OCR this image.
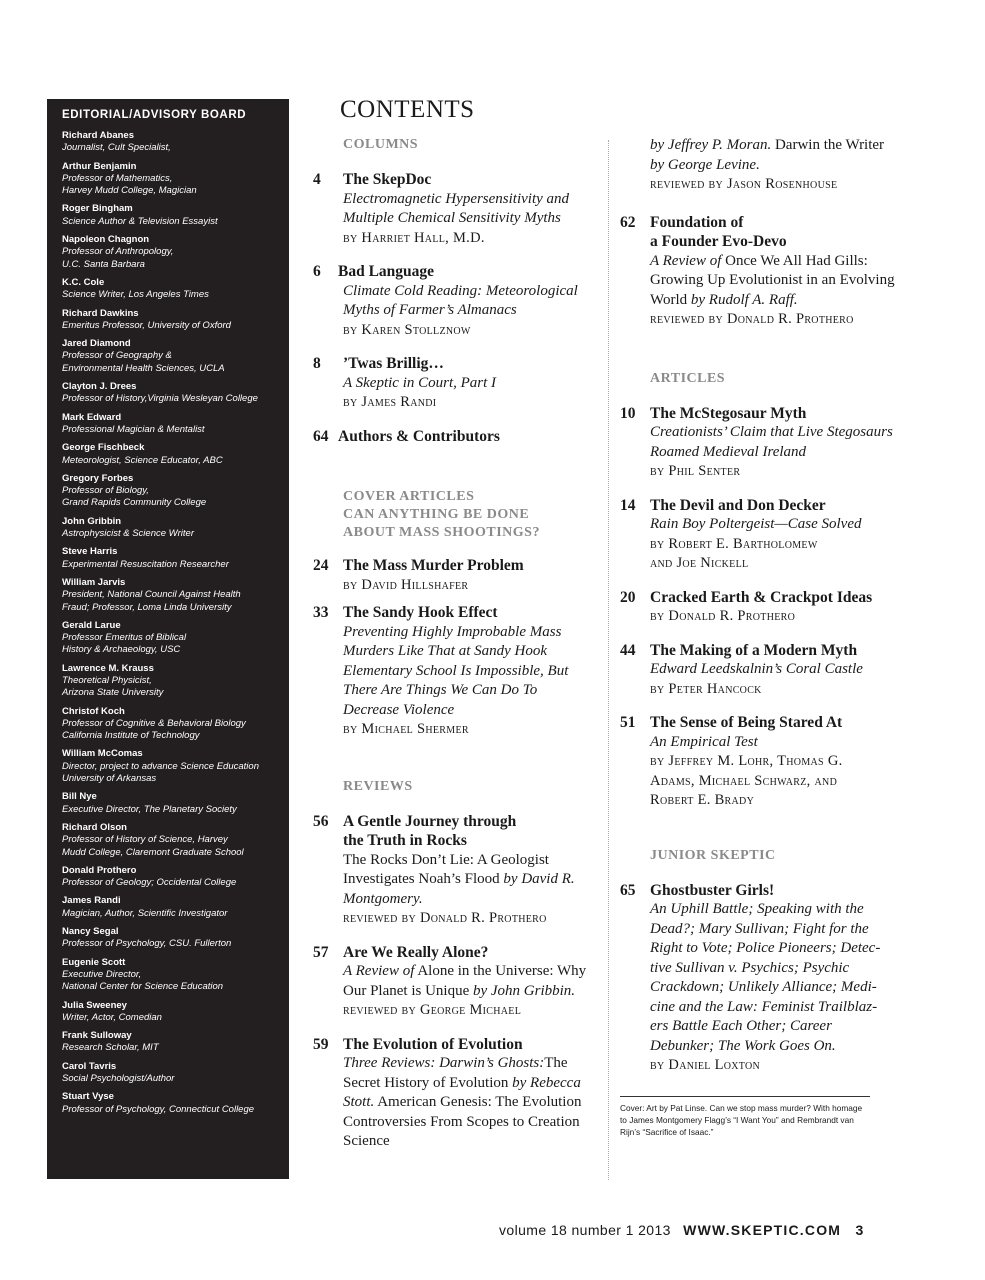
EDITORIAL/ADVISORY BOARD
Richard Abanes
Journalist, Cult Specialist,
Arthur Benjamin
Professor of Mathematics,
Harvey Mudd College, Magician
Roger Bingham
Science Author & Television Essayist
Napoleon Chagnon
Professor of Anthropology,
U.C. Santa Barbara
K.C. Cole
Science Writer, Los Angeles Times
Richard Dawkins
Emeritus Professor, University of Oxford
Jared Diamond
Professor of Geography &
Environmental Health Sciences, UCLA
Clayton J. Drees
Professor of History,Virginia Wesleyan College
Mark Edward
Professional Magician & Mentalist
George Fischbeck
Meteorologist, Science Educator, ABC
Gregory Forbes
Professor of Biology,
Grand Rapids Community College
John Gribbin
Astrophysicist & Science Writer
Steve Harris
Experimental Resuscitation Researcher
William Jarvis
President, National Council Against Health
Fraud; Professor, Loma Linda University
Gerald Larue
Professor Emeritus of Biblical
History & Archaeology, USC
Lawrence M. Krauss
Theoretical Physicist,
Arizona State University
Christof Koch
Professor of Cognitive & Behavioral Biology
California Institute of Technology
William McComas
Director, project to advance Science Education
University of Arkansas
Bill Nye
Executive Director, The Planetary Society
Richard Olson
Professor of History of Science, Harvey
Mudd College, Claremont Graduate School
Donald Prothero
Professor of Geology; Occidental College
James Randi
Magician, Author, Scientific Investigator
Nancy Segal
Professor of Psychology, CSU. Fullerton
Eugenie Scott
Executive Director,
National Center for Science Education
Julia Sweeney
Writer, Actor, Comedian
Frank Sulloway
Research Scholar, MIT
Carol Tavris
Social Psychologist/Author
Stuart Vyse
Professor of Psychology, Connecticut College
CONTENTS
COLUMNS
4 The SkepDoc
Electromagnetic Hypersensitivity and Multiple Chemical Sensitivity Myths
by Harriet Hall, M.D.
6 Bad Language
Climate Cold Reading: Meteorological Myths of Farmer’s Almanacs
by Karen Stollznow
8 ’Twas Brillig…
A Skeptic in Court, Part I
by James Randi
64 Authors & Contributors
COVER ARTICLES
CAN ANYTHING BE DONE
ABOUT MASS SHOOTINGS?
24 The Mass Murder Problem
by David Hillshafer
33 The Sandy Hook Effect
Preventing Highly Improbable Mass Murders Like That at Sandy Hook Elementary School Is Impossible, But There Are Things We Can Do To Decrease Violence
by Michael Shermer
REVIEWS
56 A Gentle Journey through
the Truth in Rocks
The Rocks Don’t Lie: A Geologist Investigates Noah’s Flood by David R. Montgomery.
reviewed by Donald R. Prothero
57 Are We Really Alone?
A Review of Alone in the Universe: Why Our Planet is Unique by John Gribbin.
reviewed by George Michael
59 The Evolution of Evolution
Three Reviews: Darwin’s Ghosts:The Secret History of Evolution by Rebecca Stott. American Genesis: The Evolution Controversies From Scopes to Creation Science
by Jeffrey P. Moran. Darwin the Writer by George Levine.
reviewed by Jason Rosenhouse
62 Foundation of
a Founder Evo-Devo
A Review of Once We All Had Gills: Growing Up Evolutionist in an Evolving World by Rudolf A. Raff.
reviewed by Donald R. Prothero
ARTICLES
10 The McStegosaur Myth
Creationists’ Claim that Live Stegosaurs Roamed Medieval Ireland
by Phil Senter
14 The Devil and Don Decker
Rain Boy Poltergeist—Case Solved
by Robert E. Bartholomew
and Joe Nickell
20 Cracked Earth & Crackpot Ideas
by Donald R. Prothero
44 The Making of a Modern Myth
Edward Leedskalnin’s Coral Castle
by Peter Hancock
51 The Sense of Being Stared At
An Empirical Test
by Jeffrey M. Lohr, Thomas G.
Adams, Michael Schwarz, and
Robert E. Brady
JUNIOR SKEPTIC
65 Ghostbuster Girls!
An Uphill Battle; Speaking with the
Dead?; Mary Sullivan; Fight for the
Right to Vote; Police Pioneers; Detec-
tive Sullivan v. Psychics; Psychic
Crackdown; Unlikely Alliance; Medi-
cine and the Law: Feminist Trailblaz-
ers Battle Each Other; Career
Debunker; The Work Goes On.
by Daniel Loxton
Cover: Art by Pat Linse. Can we stop mass murder? With homage to James Montgomery Flagg’s “I Want You” and Rembrandt van Rijn’s “Sacrifice of Isaac.”
volume 18 number 1 2013 WWW.SKEPTIC.COM 3
